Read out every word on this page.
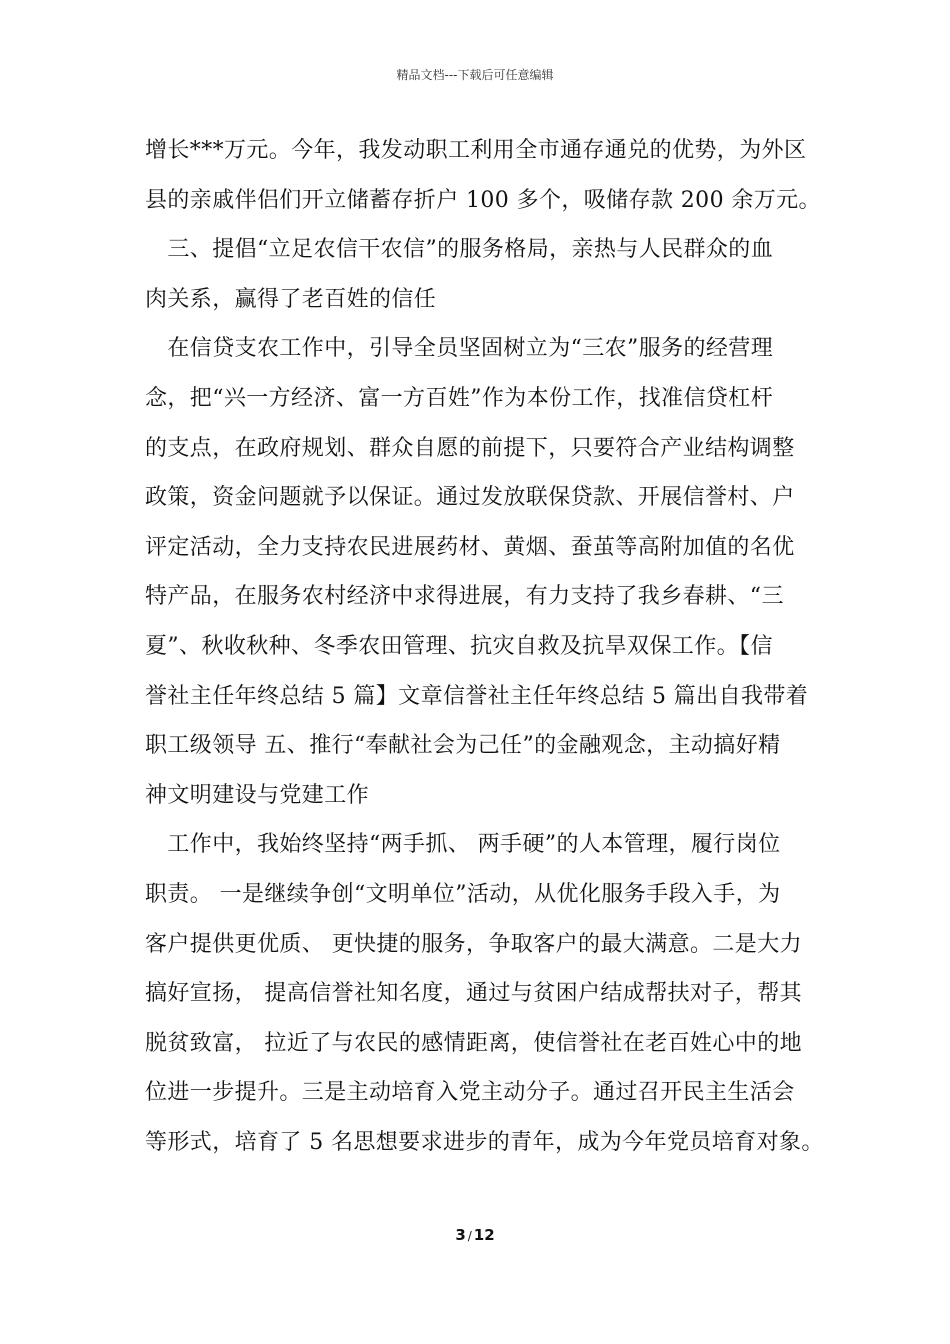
精品文档---下载后可任意编辑
增长***万元。今年，我发动职工利用全市通存通兑的优势，为外区
县的亲戚伴侣们开立储蓄存折户 100 多个，吸储存款 200 余万元。
　三、提倡“立足农信干农信”的服务格局，亲热与人民群众的血
肉关系，赢得了老百姓的信任
　在信贷支农工作中，引导全员坚固树立为“三农”服务的经营理
念，把“兴一方经济、富一方百姓”作为本份工作，找准信贷杠杆
的支点，在政府规划、群众自愿的前提下，只要符合产业结构调整
政策，资金问题就予以保证。通过发放联保贷款、开展信誉村、户
评定活动，全力支持农民进展药材、黄烟、蚕茧等高附加值的名优
特产品，在服务农村经济中求得进展，有力支持了我乡春耕、“三
夏”、秋收秋种、冬季农田管理、抗灾自救及抗旱双保工作。【信
誉社主任年终总结 5 篇】文章信誉社主任年终总结 5 篇出自我带着
职工级领导 五、推行“奉献社会为己任”的金融观念，主动搞好精
神文明建设与党建工作
　工作中，我始终坚持“两手抓、 两手硬”的人本管理，履行岗位
职责。 一是继续争创“文明单位”活动，从优化服务手段入手，为
客户提供更优质、 更快捷的服务，争取客户的最大满意。二是大力
搞好宣扬， 提高信誉社知名度，通过与贫困户结成帮扶对子，帮其
脱贫致富， 拉近了与农民的感情距离，使信誉社在老百姓心中的地
位进一步提升。三是主动培育入党主动分子。通过召开民主生活会
等形式，培育了 5 名思想要求进步的青年，成为今年党员培育对象。
3 / 12
